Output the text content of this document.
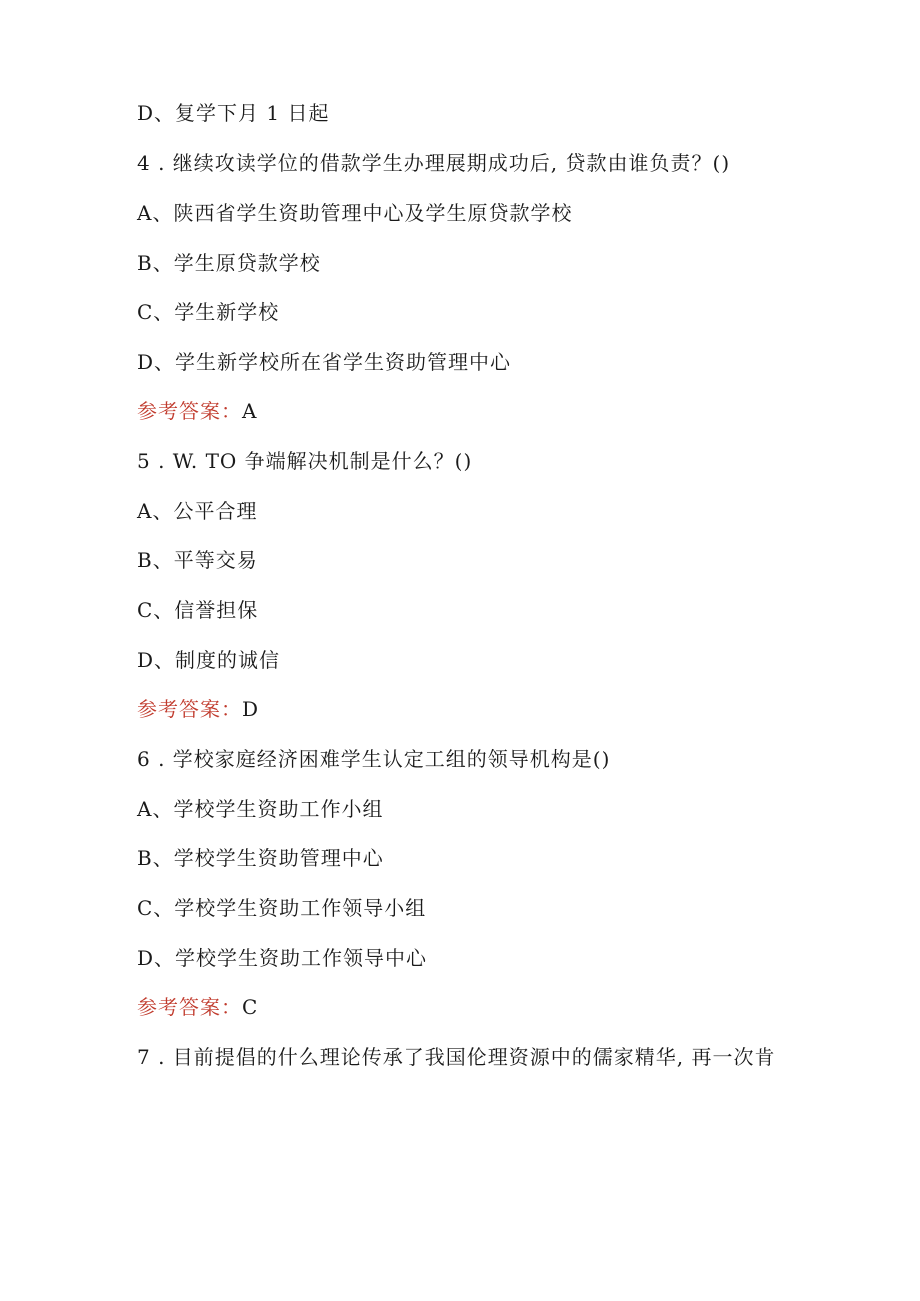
D、复学下月 1 日起
4 . 继续攻读学位的借款学生办理展期成功后, 贷款由谁负责？()
A、陕西省学生资助管理中心及学生原贷款学校
B、学生原贷款学校
C、学生新学校
D、学生新学校所在省学生资助管理中心
参考答案：A
5 . W. TO 争端解决机制是什么？()
A、公平合理
B、平等交易
C、信誉担保
D、制度的诚信
参考答案：D
6 . 学校家庭经济困难学生认定工组的领导机构是()
A、学校学生资助工作小组
B、学校学生资助管理中心
C、学校学生资助工作领导小组
D、学校学生资助工作领导中心
参考答案：C
7 . 目前提倡的什么理论传承了我国伦理资源中的儒家精华, 再一次肯
